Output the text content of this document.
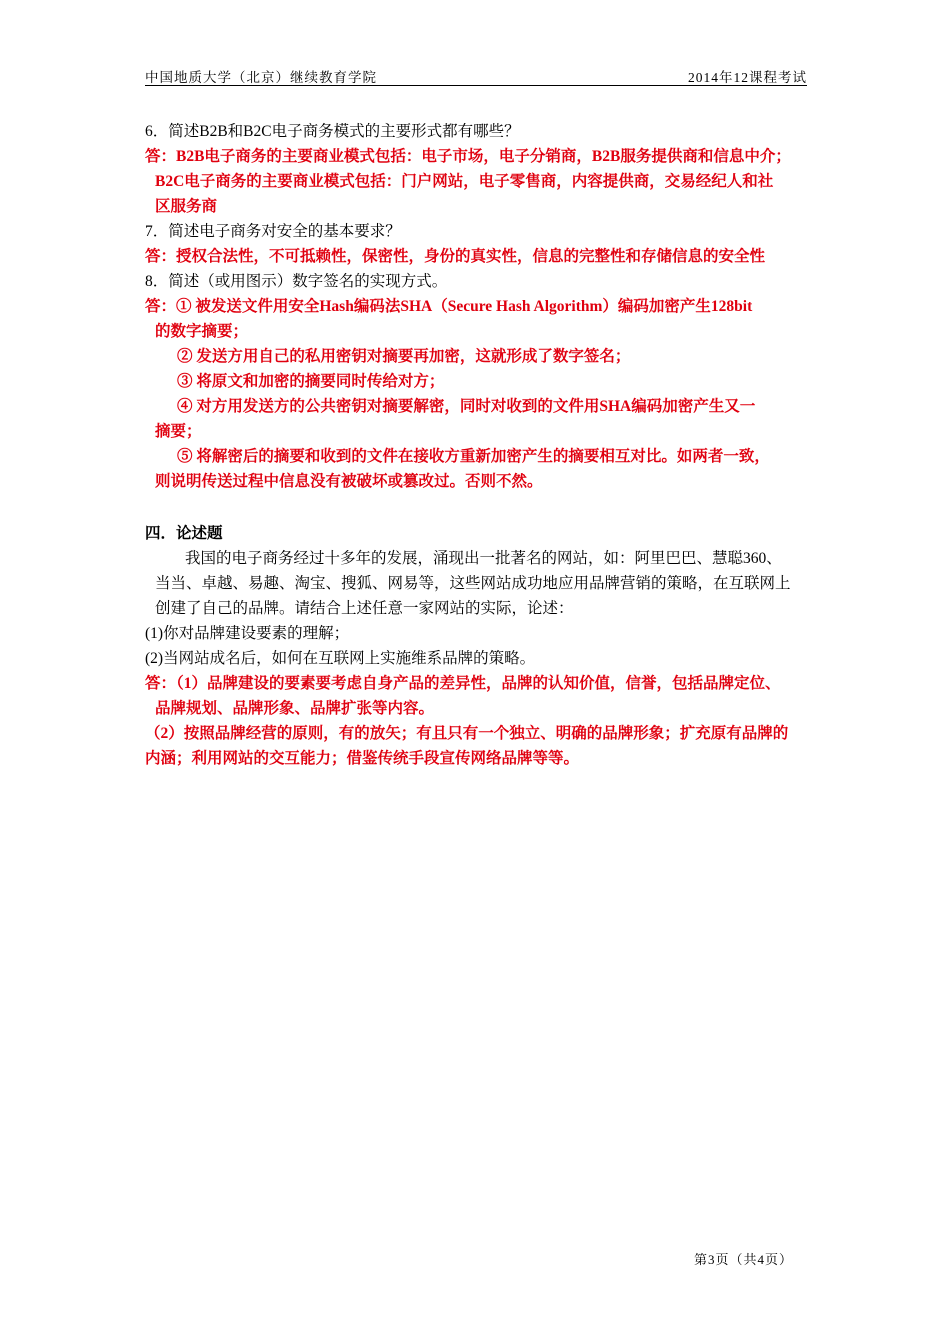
中国地质大学（北京）继续教育学院	2014年12课程考试

6．简述B2B和B2C电子商务模式的主要形式都有哪些？

答：B2B电子商务的主要商业模式包括：电子市场，电子分销商，B2B服务提供商和信息中介；

B2C电子商务的主要商业模式包括：门户网站，电子零售商，内容提供商，交易经纪人和社

区服务商

7．简述电子商务对安全的基本要求？

答：授权合法性，不可抵赖性，保密性，身份的真实性，信息的完整性和存储信息的安全性

8．简述（或用图示）数字签名的实现方式。

答：① 被发送文件用安全Hash编码法SHA（Secure Hash Algorithm）编码加密产生128bit

的数字摘要；

② 发送方用自己的私用密钥对摘要再加密，这就形成了数字签名；

③ 将原文和加密的摘要同时传给对方；

④ 对方用发送方的公共密钥对摘要解密，同时对收到的文件用SHA编码加密产生又一

摘要；

⑤ 将解密后的摘要和收到的文件在接收方重新加密产生的摘要相互对比。如两者一致，

则说明传送过程中信息没有被破坏或篡改过。否则不然。

四．论述题

我国的电子商务经过十多年的发展，涌现出一批著名的网站，如：阿里巴巴、慧聪360、

当当、卓越、易趣、淘宝、搜狐、网易等，这些网站成功地应用品牌营销的策略，在互联网上

创建了自己的品牌。请结合上述任意一家网站的实际，论述：

(1)你对品牌建设要素的理解；

(2)当网站成名后，如何在互联网上实施维系品牌的策略。

答：（1）品牌建设的要素要考虑自身产品的差异性，品牌的认知价值，信誉，包括品牌定位、

品牌规划、品牌形象、品牌扩张等内容。

（2）按照品牌经营的原则，有的放矢；有且只有一个独立、明确的品牌形象；扩充原有品牌的

内涵；利用网站的交互能力；借鉴传统手段宣传网络品牌等等。

第3页（共4页）
